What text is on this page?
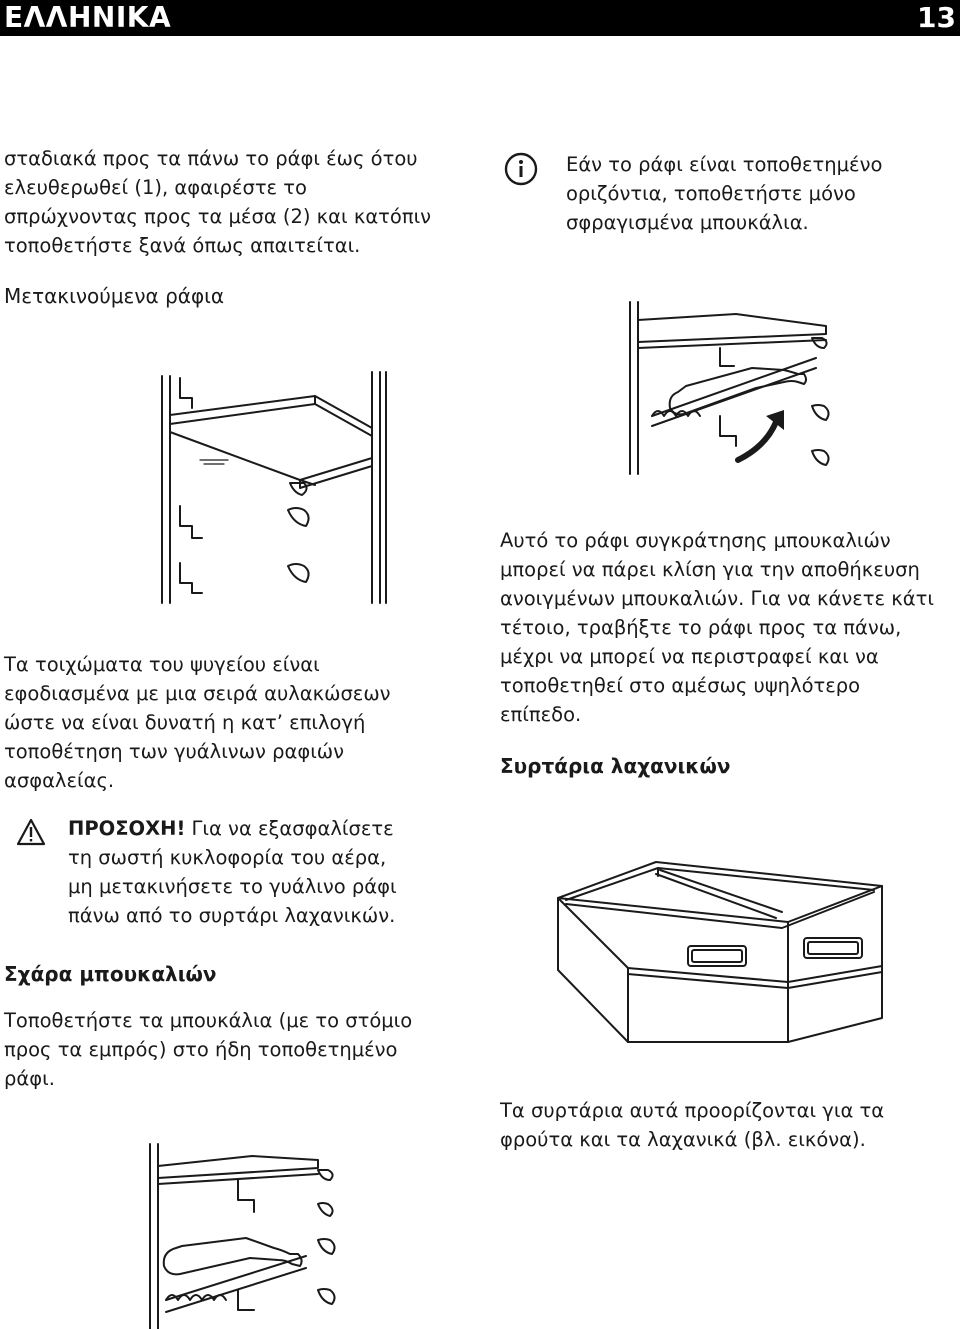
ΕΛΛΗΝΙΚΑ	13
σταδιακά προς τα πάνω το ράφι έως ότου
ελευθερωθεί (1), αφαιρέστε το
σπρώχνοντας προς τα μέσα (2) και κατόπιν
τοποθετήστε ξανά όπως απαιτείται.
Εάν το ράφι είναι τοποθετημένο
οριζόντια, τοποθετήστε μόνο
σφραγισμένα μπουκάλια.
Μετακινούμενα ράφια
Αυτό το ράφι συγκράτησης μπουκαλιών
μπορεί να πάρει κλίση για την αποθήκευση
ανοιγμένων μπουκαλιών. Για να κάνετε κάτι
τέτοιο, τραβήξτε το ράφι προς τα πάνω,
μέχρι να μπορεί να περιστραφεί και να
τοποθετηθεί στο αμέσως υψηλότερο
επίπεδο.
Τα τοιχώματα του ψυγείου είναι
εφοδιασμένα με μια σειρά αυλακώσεων
ώστε να είναι δυνατή η κατ’ επιλογή
τοποθέτηση των γυάλινων ραφιών
ασφαλείας.
Συρτάρια λαχανικών
ΠΡΟΣΟΧΗ! Για να εξασφαλίσετε
τη σωστή κυκλοφορία του αέρα,
μη μετακινήσετε το γυάλινο ράφι
πάνω από το συρτάρι λαχανικών.
Σχάρα μπουκαλιών
Τοποθετήστε τα μπουκάλια (με το στόμιο
προς τα εμπρός) στο ήδη τοποθετημένο
ράφι.
Τα συρτάρια αυτά προορίζονται για τα
φρούτα και τα λαχανικά (βλ. εικόνα).
